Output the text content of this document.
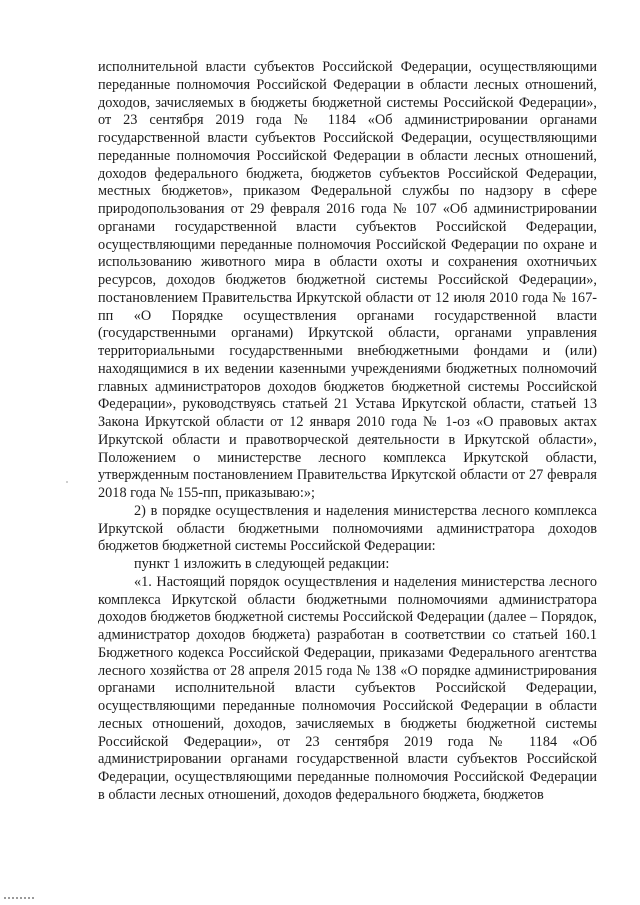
исполнительной власти субъектов Российской Федерации, осуществляющими переданные полномочия Российской Федерации в области лесных отношений, доходов, зачисляемых в бюджеты бюджетной системы Российской Федерации», от 23 сентября 2019 года № 1184 «Об администрировании органами государственной власти субъектов Российской Федерации, осуществляющими переданные полномочия Российской Федерации в области лесных отношений, доходов федерального бюджета, бюджетов субъектов Российской Федерации, местных бюджетов», приказом Федеральной службы по надзору в сфере природопользования от 29 февраля 2016 года № 107 «Об администрировании органами государственной власти субъектов Российской Федерации, осуществляющими переданные полномочия Российской Федерации по охране и использованию животного мира в области охоты и сохранения охотничьих ресурсов, доходов бюджетов бюджетной системы Российской Федерации», постановлением Правительства Иркутской области от 12 июля 2010 года № 167-пп «О Порядке осуществления органами государственной власти (государственными органами) Иркутской области, органами управления территориальными государственными внебюджетными фондами и (или) находящимися в их ведении казенными учреждениями бюджетных полномочий главных администраторов доходов бюджетов бюджетной системы Российской Федерации», руководствуясь статьей 21 Устава Иркутской области, статьей 13 Закона Иркутской области от 12 января 2010 года № 1-оз «О правовых актах Иркутской области и правотворческой деятельности в Иркутской области», Положением о министерстве лесного комплекса Иркутской области, утвержденным постановлением Правительства Иркутской области от 27 февраля 2018 года № 155-пп, приказываю:»;

2) в порядке осуществления и наделения министерства лесного комплекса Иркутской области бюджетными полномочиями администратора доходов бюджетов бюджетной системы Российской Федерации:

пункт 1 изложить в следующей редакции:

«1. Настоящий порядок осуществления и наделения министерства лесного комплекса Иркутской области бюджетными полномочиями администратора доходов бюджетов бюджетной системы Российской Федерации (далее – Порядок, администратор доходов бюджета) разработан в соответствии со статьей 160.1 Бюджетного кодекса Российской Федерации, приказами Федерального агентства лесного хозяйства от 28 апреля 2015 года № 138 «О порядке администрирования органами исполнительной власти субъектов Российской Федерации, осуществляющими переданные полномочия Российской Федерации в области лесных отношений, доходов, зачисляемых в бюджеты бюджетной системы Российской Федерации», от 23 сентября 2019 года № 1184 «Об администрировании органами государственной власти субъектов Российской Федерации, осуществляющими переданные полномочия Российской Федерации в области лесных отношений, доходов федерального бюджета, бюджетов
